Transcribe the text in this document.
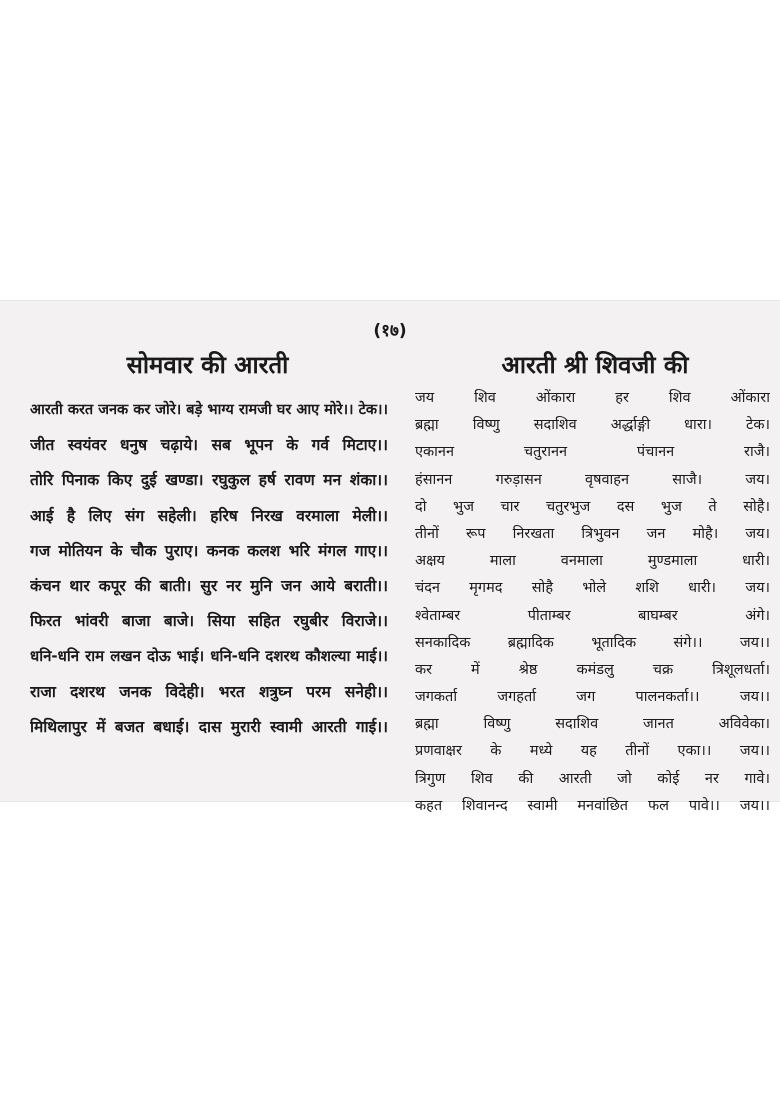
(१७)
सोमवार की आरती	आरती श्री शिवजी की
आरती करत जनक कर जोरे। बड़े भाग्य रामजी घर आए मोरे।। टेक।।
जीत स्वयंवर धनुष चढ़ाये। सब भूपन के गर्व मिटाए।।
तोरि पिनाक किए दुई खण्डा। रघुकुल हर्ष रावण मन शंका।।
आई है लिए संग सहेली। हरिष निरख वरमाला मेली।।
गज मोतियन के चौक पुराए। कनक कलश भरि मंगल गाए।।
कंचन थार कपूर की बाती। सुर नर मुनि जन आये बराती।।
फिरत भांवरी बाजा बाजे। सिया सहित रघुबीर विराजे।।
धनि-धनि राम लखन दोऊ भाई। धनि-धनि दशरथ कौशल्या माई।।
राजा दशरथ जनक विदेही। भरत शत्रुघ्न परम सनेही।।
मिथिलापुर में बजत बधाई। दास मुरारी स्वामी आरती गाई।।
जय शिव ओंकारा हर शिव ओंकारा
ब्रह्मा विष्णु सदाशिव अर्द्धाङ्गी धारा। टेक।
एकानन चतुरानन पंचानन राजै।
हंसानन गरुड़ासन वृषवाहन साजै। जय।
दो भुज चार चतुरभुज दस भुज ते सोहै।
तीनों रूप निरखता त्रिभुवन जन मोहै। जय।
अक्षय माला वनमाला मुण्डमाला धारी।
चंदन मृगमद सोहै भोले शशि धारी। जय।
श्वेताम्बर पीताम्बर बाघम्बर अंगे।
सनकादिक ब्रह्मादिक भूतादिक संगे।। जय।।
कर में श्रेष्ठ कमंडलु चक्र त्रिशूलधर्ता।
जगकर्ता जगहर्ता जग पालनकर्ता।। जय।।
ब्रह्मा विष्णु सदाशिव जानत अविवेका।
प्रणवाक्षर के मध्ये यह तीनों एका।। जय।।
त्रिगुण शिव की आरती जो कोई नर गावे।
कहत शिवानन्द स्वामी मनवांछित फल पावे।। जय।।
